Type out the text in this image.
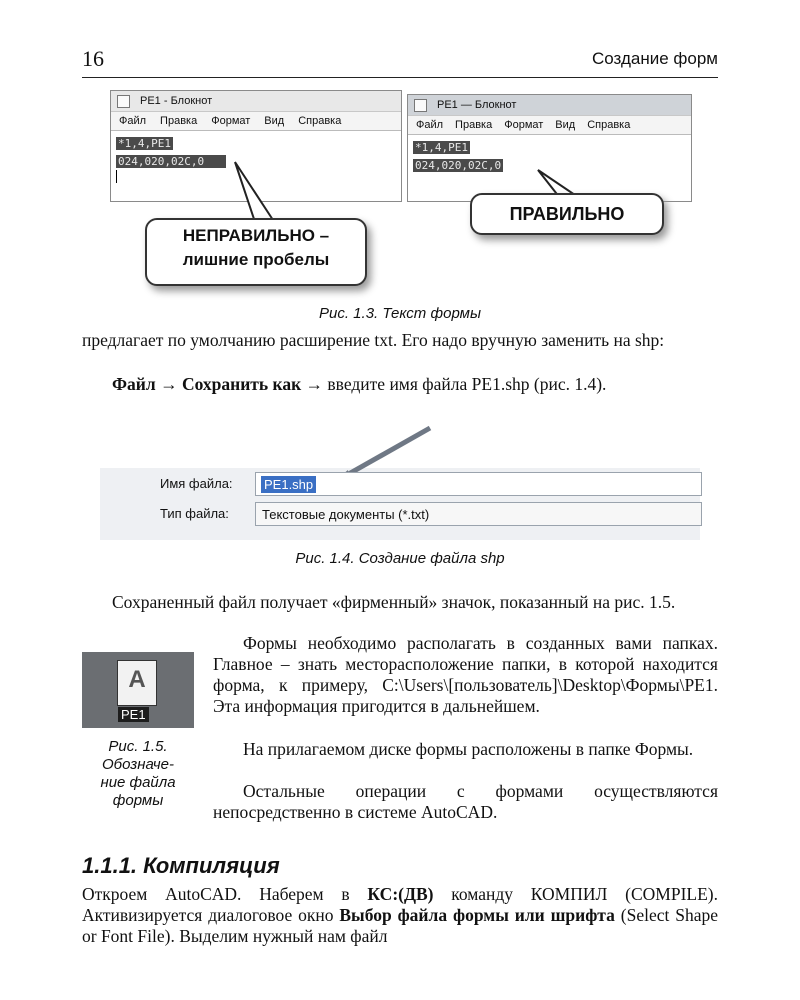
16	Создание форм
PE1 - Блокнот
Файл Правка Формат Вид Справка
*1,4,PE1
024,020,02C,0
PE1 — Блокнот
Файл Правка Формат Вид Справка
*1,4,PE1
024,020,02C,0
НЕПРАВИЛЬНО –
лишние пробелы
ПРАВИЛЬНО
Рис. 1.3. Текст формы
предлагает по умолчанию расширение txt. Его надо вручную заменить на shp:
Файл → Сохранить как → введите имя файла PE1.shp (рис. 1.4).
Имя файла:	PE1.shp
Тип файла:	Текстовые документы (*.txt)
Рис. 1.4. Создание файла shp
Сохраненный файл получает «фирменный» значок, показанный на рис. 1.5.
A
PE1
Рис. 1.5.
Обозначе-
ние файла
формы
Формы необходимо располагать в созданных вами папках. Главное – знать месторасположение папки, в которой находится форма, к примеру, C:\Users\[пользователь]\Desktop\Формы\PE1. Эта информация пригодится в дальнейшем.
На прилагаемом диске формы расположены в папке Формы.
Остальные операции с формами осуществляются непосредственно в системе AutoCAD.
1.1.1. Компиляция
Откроем AutoCAD. Наберем в КС:(ДВ) команду КОМПИЛ (COMPILE). Активизируется диалоговое окно Выбор файла формы или шрифта (Select Shape or Font File). Выделим нужный нам файл
